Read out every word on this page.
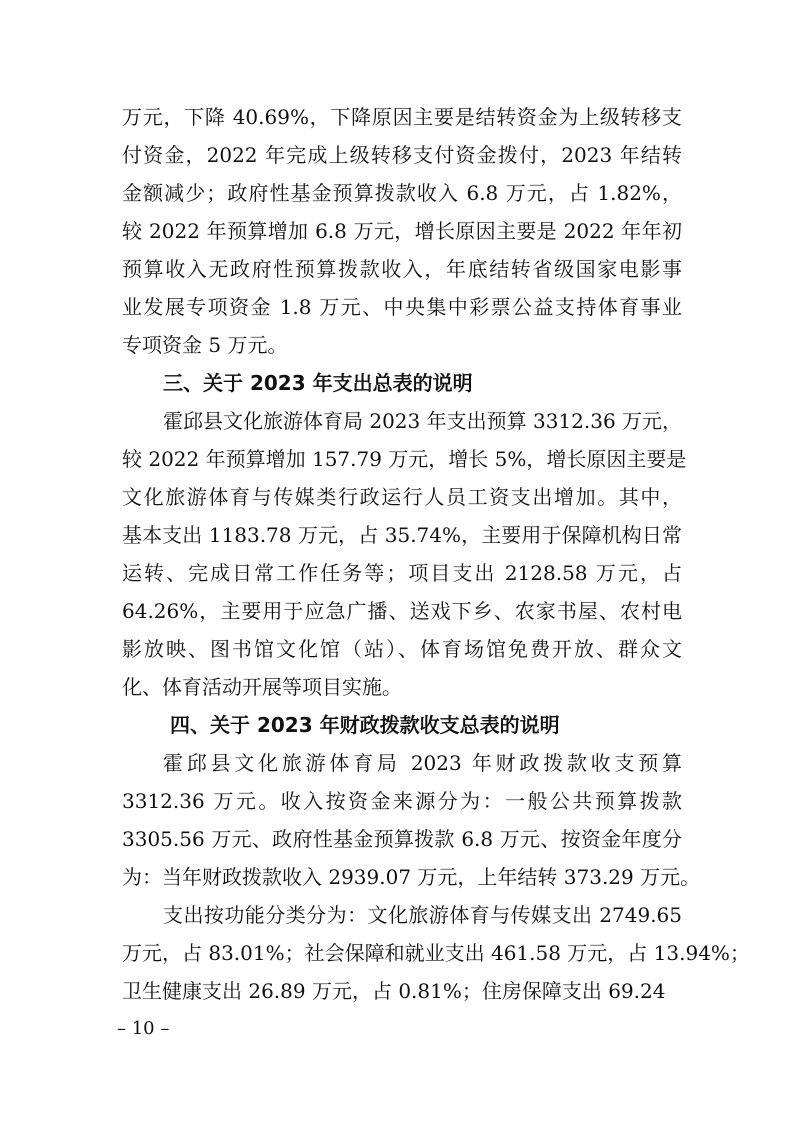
万元，下降 40.69%，下降原因主要是结转资金为上级转移支
付资金，2022 年完成上级转移支付资金拨付，2023 年结转
金额减少；政府性基金预算拨款收入 6.8 万元，占 1.82%，
较 2022 年预算增加 6.8 万元，增长原因主要是 2022 年年初
预算收入无政府性预算拨款收入，年底结转省级国家电影事
业发展专项资金 1.8 万元、中央集中彩票公益支持体育事业
专项资金 5 万元。
三、关于 2023 年支出总表的说明
霍邱县文化旅游体育局 2023 年支出预算 3312.36 万元，
较 2022 年预算增加 157.79 万元，增长 5%，增长原因主要是
文化旅游体育与传媒类行政运行人员工资支出增加。其中，
基本支出 1183.78 万元，占 35.74%，主要用于保障机构日常
运转、完成日常工作任务等；项目支出 2128.58 万元，占
64.26%，主要用于应急广播、送戏下乡、农家书屋、农村电
影放映、图书馆文化馆（站）、体育场馆免费开放、群众文
化、体育活动开展等项目实施。
四、关于 2023 年财政拨款收支总表的说明
霍邱县文化旅游体育局 2023 年财政拨款收支预算
3312.36 万元。收入按资金来源分为：一般公共预算拨款
3305.56 万元、政府性基金预算拨款 6.8 万元、按资金年度分
为：当年财政拨款收入 2939.07 万元，上年结转 373.29 万元。
支出按功能分类分为：文化旅游体育与传媒支出 2749.65
万元，占 83.01%；社会保障和就业支出 461.58 万元，占 13.94%；
卫生健康支出 26.89 万元，占 0.81%；住房保障支出 69.24
– 10 –
